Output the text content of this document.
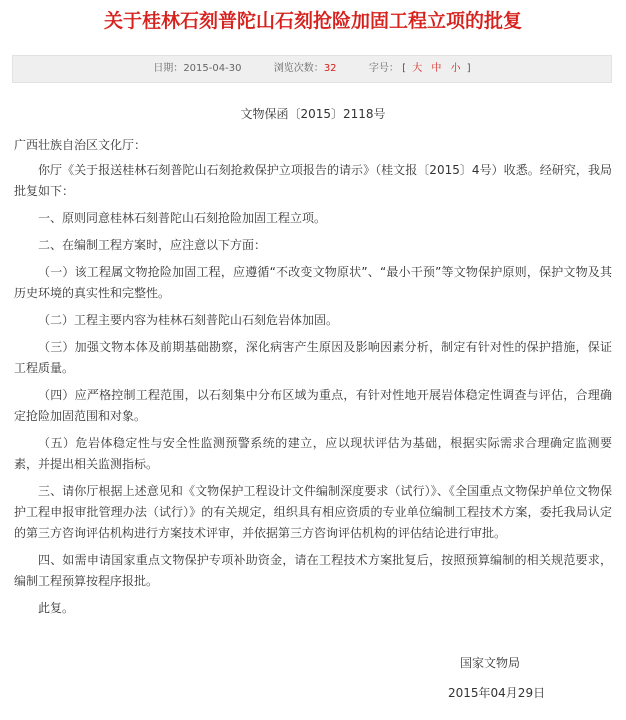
关于桂林石刻普陀山石刻抢险加固工程立项的批复
日期：2015-04-30	浏览次数：32	字号： [ 大 中 小 ]

文物保函〔2015〕2118号

广西壮族自治区文化厅：

你厅《关于报送桂林石刻普陀山石刻抢救保护立项报告的请示》（桂文报〔2015〕4号）收悉。经研究，我局批复如下：

一、原则同意桂林石刻普陀山石刻抢险加固工程立项。

二、在编制工程方案时，应注意以下方面：

（一）该工程属文物抢险加固工程，应遵循“不改变文物原状”、“最小干预”等文物保护原则，保护文物及其历史环境的真实性和完整性。

（二）工程主要内容为桂林石刻普陀山石刻危岩体加固。

（三）加强文物本体及前期基础勘察，深化病害产生原因及影响因素分析，制定有针对性的保护措施，保证工程质量。

（四）应严格控制工程范围，以石刻集中分布区域为重点，有针对性地开展岩体稳定性调查与评估，合理确定抢险加固范围和对象。

（五）危岩体稳定性与安全性监测预警系统的建立，应以现状评估为基础，根据实际需求合理确定监测要素，并提出相关监测指标。

三、请你厅根据上述意见和《文物保护工程设计文件编制深度要求（试行）》、《全国重点文物保护单位文物保护工程申报审批管理办法（试行）》的有关规定，组织具有相应资质的专业单位编制工程技术方案，委托我局认定的第三方咨询评估机构进行方案技术评审，并依据第三方咨询评估机构的评估结论进行审批。

四、如需申请国家重点文物保护专项补助资金，请在工程技术方案批复后，按照预算编制的相关规范要求，编制工程预算按程序报批。

此复。

国家文物局
2015年04月29日
